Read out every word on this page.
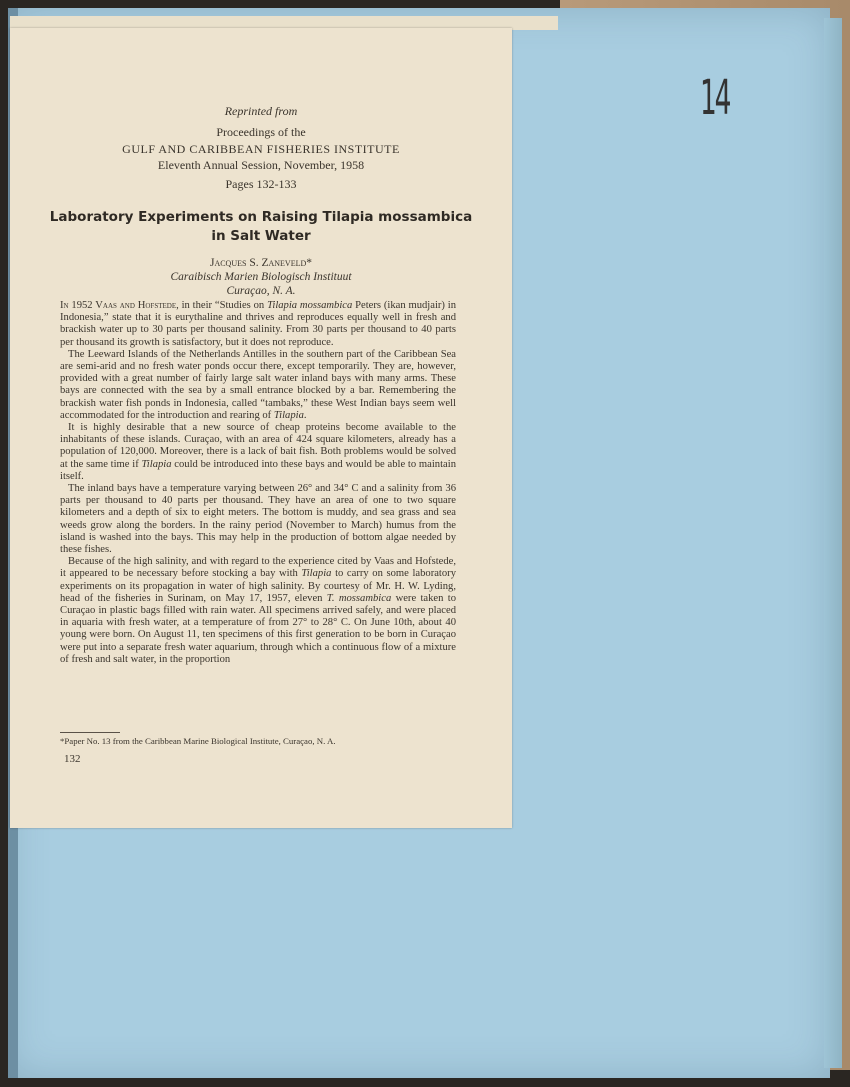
14
Reprinted from
Proceedings of the
GULF AND CARIBBEAN FISHERIES INSTITUTE
Eleventh Annual Session, November, 1958
Pages 132-133
Laboratory Experiments on Raising Tilapia mossambica
in Salt Water
Jacques S. Zaneveld*
Caraibisch Marien Biologisch Instituut
Curaçao, N. A.

In 1952 Vaas and Hofstede, in their “Studies on Tilapia mossambica Peters (ikan mudjair) in Indonesia,” state that it is eurythaline and thrives and reproduces equally well in fresh and brackish water up to 30 parts per thousand salinity. From 30 parts per thousand to 40 parts per thousand its growth is satisfactory, but it does not reproduce.

The Leeward Islands of the Netherlands Antilles in the southern part of the Caribbean Sea are semi-arid and no fresh water ponds occur there, except temporarily. They are, however, provided with a great number of fairly large salt water inland bays with many arms. These bays are connected with the sea by a small entrance blocked by a bar. Remembering the brackish water fish ponds in Indonesia, called “tambaks,” these West Indian bays seem well accommodated for the introduction and rearing of Tilapia.

It is highly desirable that a new source of cheap proteins become available to the inhabitants of these islands. Curaçao, with an area of 424 square kilometers, already has a population of 120,000. Moreover, there is a lack of bait fish. Both problems would be solved at the same time if Tilapia could be introduced into these bays and would be able to maintain itself.

The inland bays have a temperature varying between 26° and 34° C and a salinity from 36 parts per thousand to 40 parts per thousand. They have an area of one to two square kilometers and a depth of six to eight meters. The bottom is muddy, and sea grass and sea weeds grow along the borders. In the rainy period (November to March) humus from the island is washed into the bays. This may help in the production of bottom algae needed by these fishes.

Because of the high salinity, and with regard to the experience cited by Vaas and Hofstede, it appeared to be necessary before stocking a bay with Tilapia to carry on some laboratory experiments on its propagation in water of high salinity. By courtesy of Mr. H. W. Lyding, head of the fisheries in Surinam, on May 17, 1957, eleven T. mossambica were taken to Curaçao in plastic bags filled with rain water. All specimens arrived safely, and were placed in aquaria with fresh water, at a temperature of from 27° to 28° C. On June 10th, about 40 young were born. On August 11, ten specimens of this first generation to be born in Curaçao were put into a separate fresh water aquarium, through which a continuous flow of a mixture of fresh and salt water, in the proportion

*Paper No. 13 from the Caribbean Marine Biological Institute, Curaçao, N. A.
132
